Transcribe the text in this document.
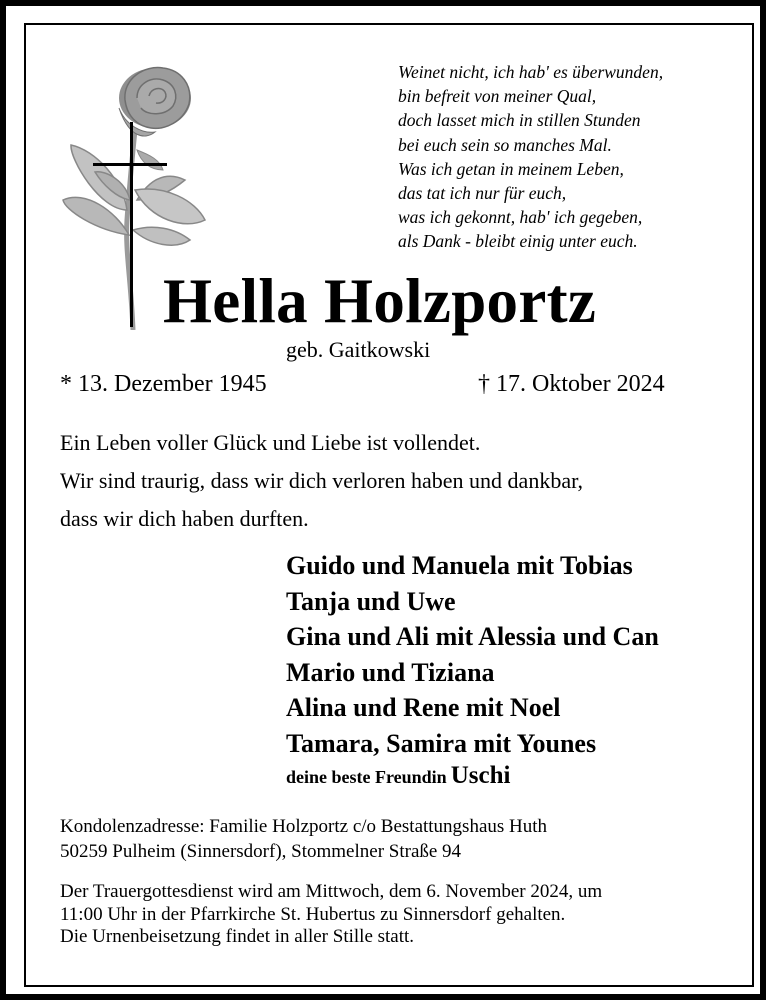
Weinet nicht, ich hab' es überwunden,
bin befreit von meiner Qual,
doch lasset mich in stillen Stunden
bei euch sein so manches Mal.
Was ich getan in meinem Leben,
das tat ich nur für euch,
was ich gekonnt, hab' ich gegeben,
als Dank - bleibt einig unter euch.
Hella Holzportz
geb. Gaitkowski
* 13. Dezember 1945	† 17. Oktober 2024
Ein Leben voller Glück und Liebe ist vollendet.
Wir sind traurig, dass wir dich verloren haben und dankbar,
dass wir dich haben durften.
Guido und Manuela mit Tobias
Tanja und Uwe
Gina und Ali mit Alessia und Can
Mario und Tiziana
Alina und Rene mit Noel
Tamara, Samira mit Younes
deine beste Freundin Uschi
Kondolenzadresse: Familie Holzportz c/o Bestattungshaus Huth
50259 Pulheim (Sinnersdorf), Stommelner Straße 94
Der Trauergottesdienst wird am Mittwoch, dem 6. November 2024, um
11:00 Uhr in der Pfarrkirche St. Hubertus zu Sinnersdorf gehalten.
Die Urnenbeisetzung findet in aller Stille statt.
